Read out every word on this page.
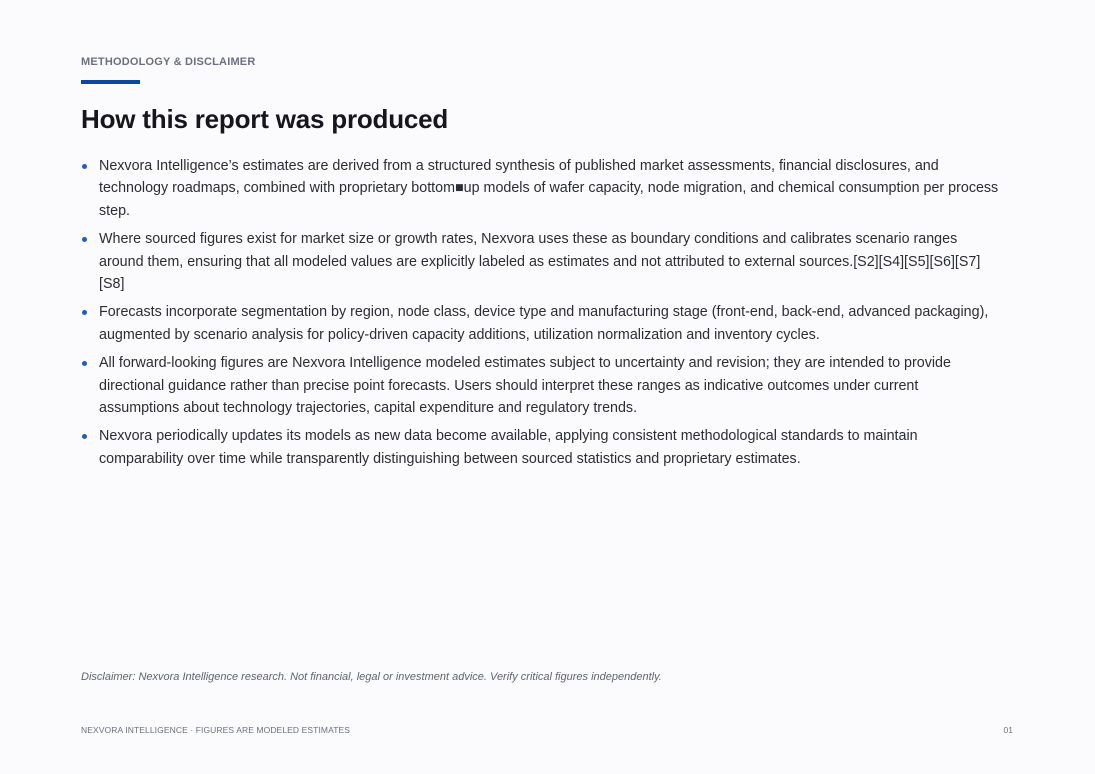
METHODOLOGY & DISCLAIMER
How this report was produced
Nexvora Intelligence’s estimates are derived from a structured synthesis of published market assessments, financial disclosures, and technology roadmaps, combined with proprietary bottom■up models of wafer capacity, node migration, and chemical consumption per process step.
Where sourced figures exist for market size or growth rates, Nexvora uses these as boundary conditions and calibrates scenario ranges around them, ensuring that all modeled values are explicitly labeled as estimates and not attributed to external sources.[S2][S4][S5][S6][S7][S8]
Forecasts incorporate segmentation by region, node class, device type and manufacturing stage (front-end, back-end, advanced packaging), augmented by scenario analysis for policy-driven capacity additions, utilization normalization and inventory cycles.
All forward-looking figures are Nexvora Intelligence modeled estimates subject to uncertainty and revision; they are intended to provide directional guidance rather than precise point forecasts. Users should interpret these ranges as indicative outcomes under current assumptions about technology trajectories, capital expenditure and regulatory trends.
Nexvora periodically updates its models as new data become available, applying consistent methodological standards to maintain comparability over time while transparently distinguishing between sourced statistics and proprietary estimates.
Disclaimer: Nexvora Intelligence research. Not financial, legal or investment advice. Verify critical figures independently.
NEXVORA INTELLIGENCE · FIGURES ARE MODELED ESTIMATES	01
